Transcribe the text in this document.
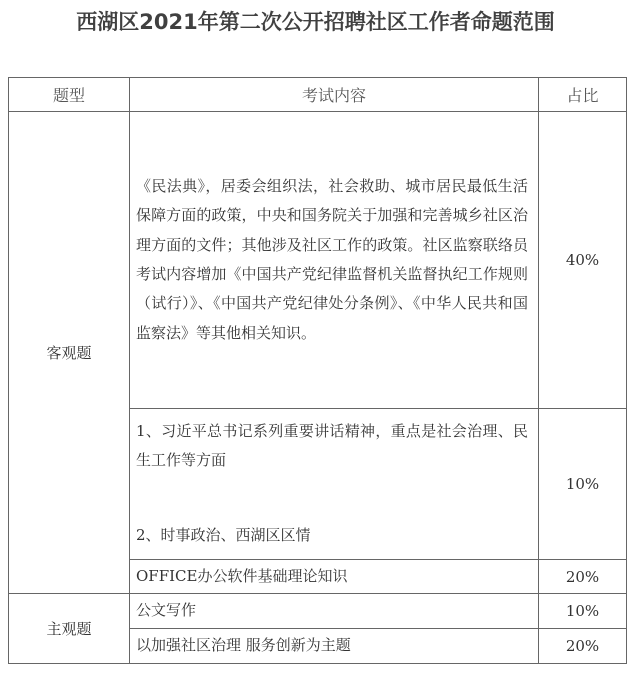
西湖区2021年第二次公开招聘社区工作者命题范围
题型	考试内容	占比
客观题	《民法典》，居委会组织法，社会救助、城市居民最低生活保障方面的政策，中央和国务院关于加强和完善城乡社区治理方面的文件；其他涉及社区工作的政策。社区监察联络员考试内容增加《中国共产党纪律监督机关监督执纪工作规则（试行）》、《中国共产党纪律处分条例》、《中华人民共和国监察法》等其他相关知识。	40%

	1、习近平总书记系列重要讲话精神，重点是社会治理、民生工作等方面
2、时事政治、西湖区区情	10%
	OFFICE办公软件基础理论知识	20%
主观题	公文写作	10%
	以加强社区治理 服务创新为主题	20%
